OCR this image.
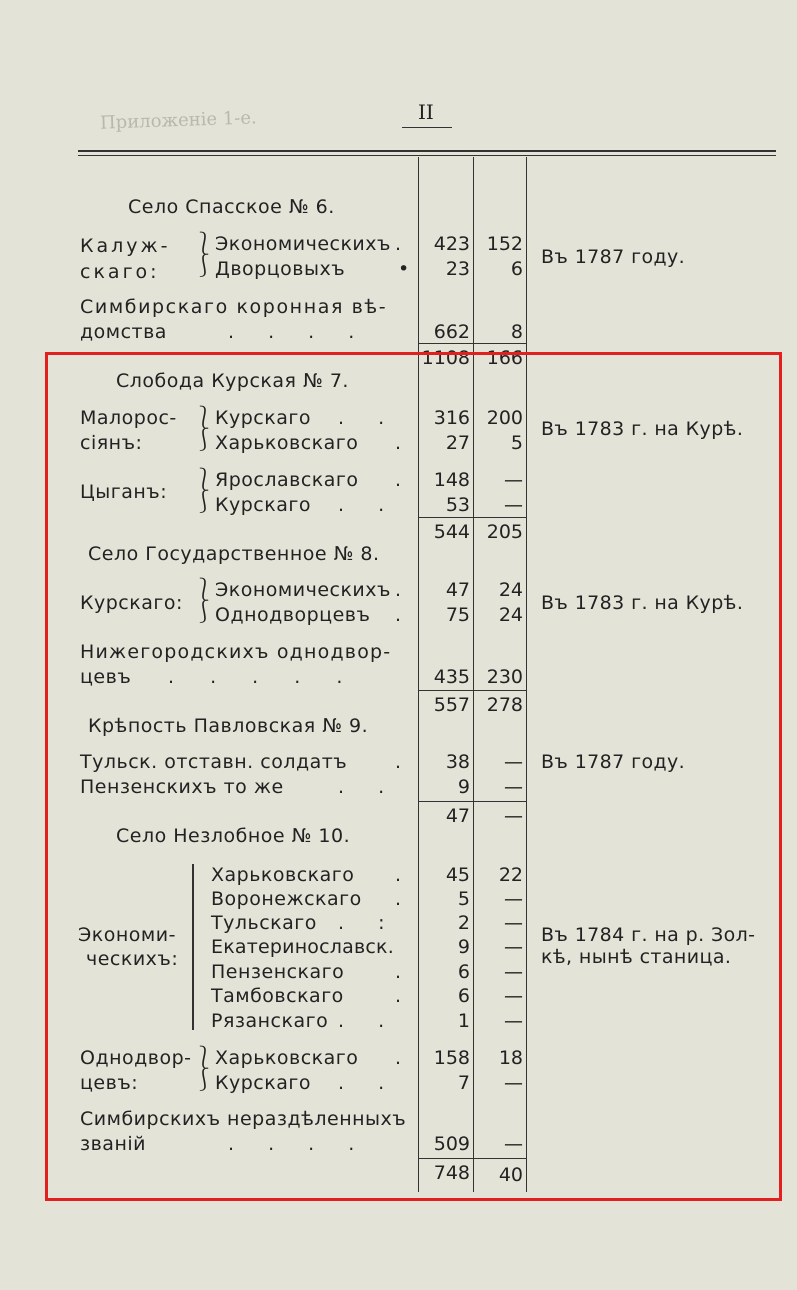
Приложеніе 1-е.	II
Село Спасское № 6.
Калуж-
скаго:
⎱
⎰
Экономическихъ .	423 152
Дворцовыхъ	•	23	6
Въ 1787 году.
Симбирскаго коронная вѣ-
домства	. . . .	662	8
1108 166
Слобода Курская № 7.
Малорос-
сіянъ:
⎱
⎰
Курскаго . .	316 200
Харьковскаго .	27	5
Въ 1783 г. на Курѣ.
Цыганъ: ⎱
⎰
Ярославскаго .	148	—
Курскаго . .	53	—
544 205
Село Государственное № 8.
Курскаго: ⎱
⎰
Экономическихъ .	47	24
Однодворцевъ .	75	24
Въ 1783 г. на Курѣ.
Нижегородскихъ однодвор-
цевъ . . . . .	435 230
557 278
Крѣпость Павловская № 9.
Тульск. отставн. солдатъ	.	38	—
Пензенскихъ то же	. .	9	—
Въ 1787 году.
47	—
Село Незлобное № 10.
Экономи-
ческихъ:
Харьковскаго .	45	22
Воронежскаго .	5	—
Тульскаго . :	2	—
Екатеринославск.	9	—
Пензенскаго	.	6	—
Тамбовскаго	.	6	—
Рязанскаго . .	1	—
Въ 1784 г. на р. Зол-
кѣ, нынѣ станица.
Однодвор-
цевъ:
⎱
⎰
Харьковскаго .	158	18
Курскаго . .	7	—
Симбирскихъ нераздѣленныхъ
званій	. . . .	509	—
748	40
